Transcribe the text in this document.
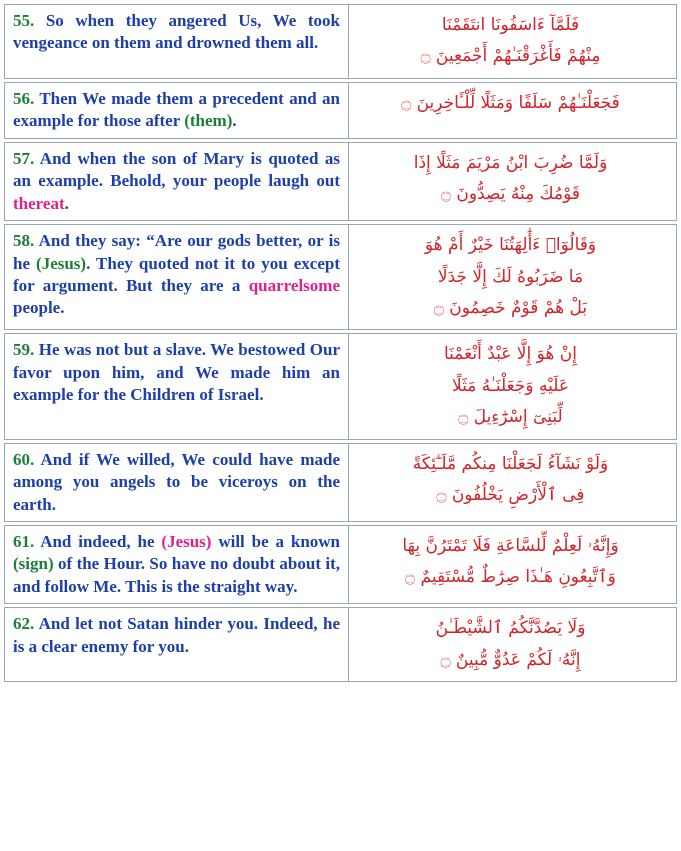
55. So when they angered Us, We took vengeance on them and drowned them all.
فَلَمَّآ ءَاسَفُونَا انتَقَمْنَا
مِنْهُمْ فَأَغْرَقْنَـٰهُمْ أَجْمَعِينَ ۝
56. Then We made them a precedent and an example for those after (them).
فَجَعَلْنَـٰهُمْ سَلَفًا وَمَثَلًا لِّلْـَٔاخِرِينَ ۝
57. And when the son of Mary is quoted as an example. Behold, your people laugh out thereat.
وَلَمَّا ضُرِبَ ابْنُ مَرْيَمَ مَثَلًا إِذَا
قَوْمُكَ مِنْهُ يَصِدُّونَ ۝
58. And they say: “Are our gods better, or is he (Jesus). They quoted not it to you except for argument. But they are a quarrelsome people.
وَقَالُوٓا۟ ءَأَٰلِهَتُنَا خَيْرٌ أَمْ هُوَ
مَا ضَرَبُوهُ لَكَ إِلَّا جَدَلًا
بَلْ هُمْ قَوْمٌ خَصِمُونَ ۝
59. He was not but a slave. We bestowed Our favor upon him, and We made him an example for the Children of Israel.
إِنْ هُوَ إِلَّا عَبْدٌ أَنْعَمْنَا
عَلَيْهِ وَجَعَلْنَـٰهُ مَثَلًا
لِّبَنِىٓ إِسْرَٰٓءِيلَ ۝
60. And if We willed, We could have made among you angels to be viceroys on the earth.
وَلَوْ نَشَآءُ لَجَعَلْنَا مِنكُم مَّلَـٰٓئِكَةً
فِى ٱلْأَرْضِ يَخْلُفُونَ ۝
61. And indeed, he (Jesus) will be a known (sign) of the Hour. So have no doubt about it, and follow Me. This is the straight way.
وَإِنَّهُۥ لَعِلْمٌ لِّلسَّاعَةِ فَلَا تَمْتَرُنَّ بِهَا
وَٱتَّبِعُونِ هَـٰذَا صِرَٰطٌ مُّسْتَقِيمٌ ۝
62. And let not Satan hinder you. Indeed, he is a clear enemy for you.
وَلَا يَصُدَّنَّكُمُ ٱلشَّيْطَـٰنُ
إِنَّهُۥ لَكُمْ عَدُوٌّ مُّبِينٌ ۝
